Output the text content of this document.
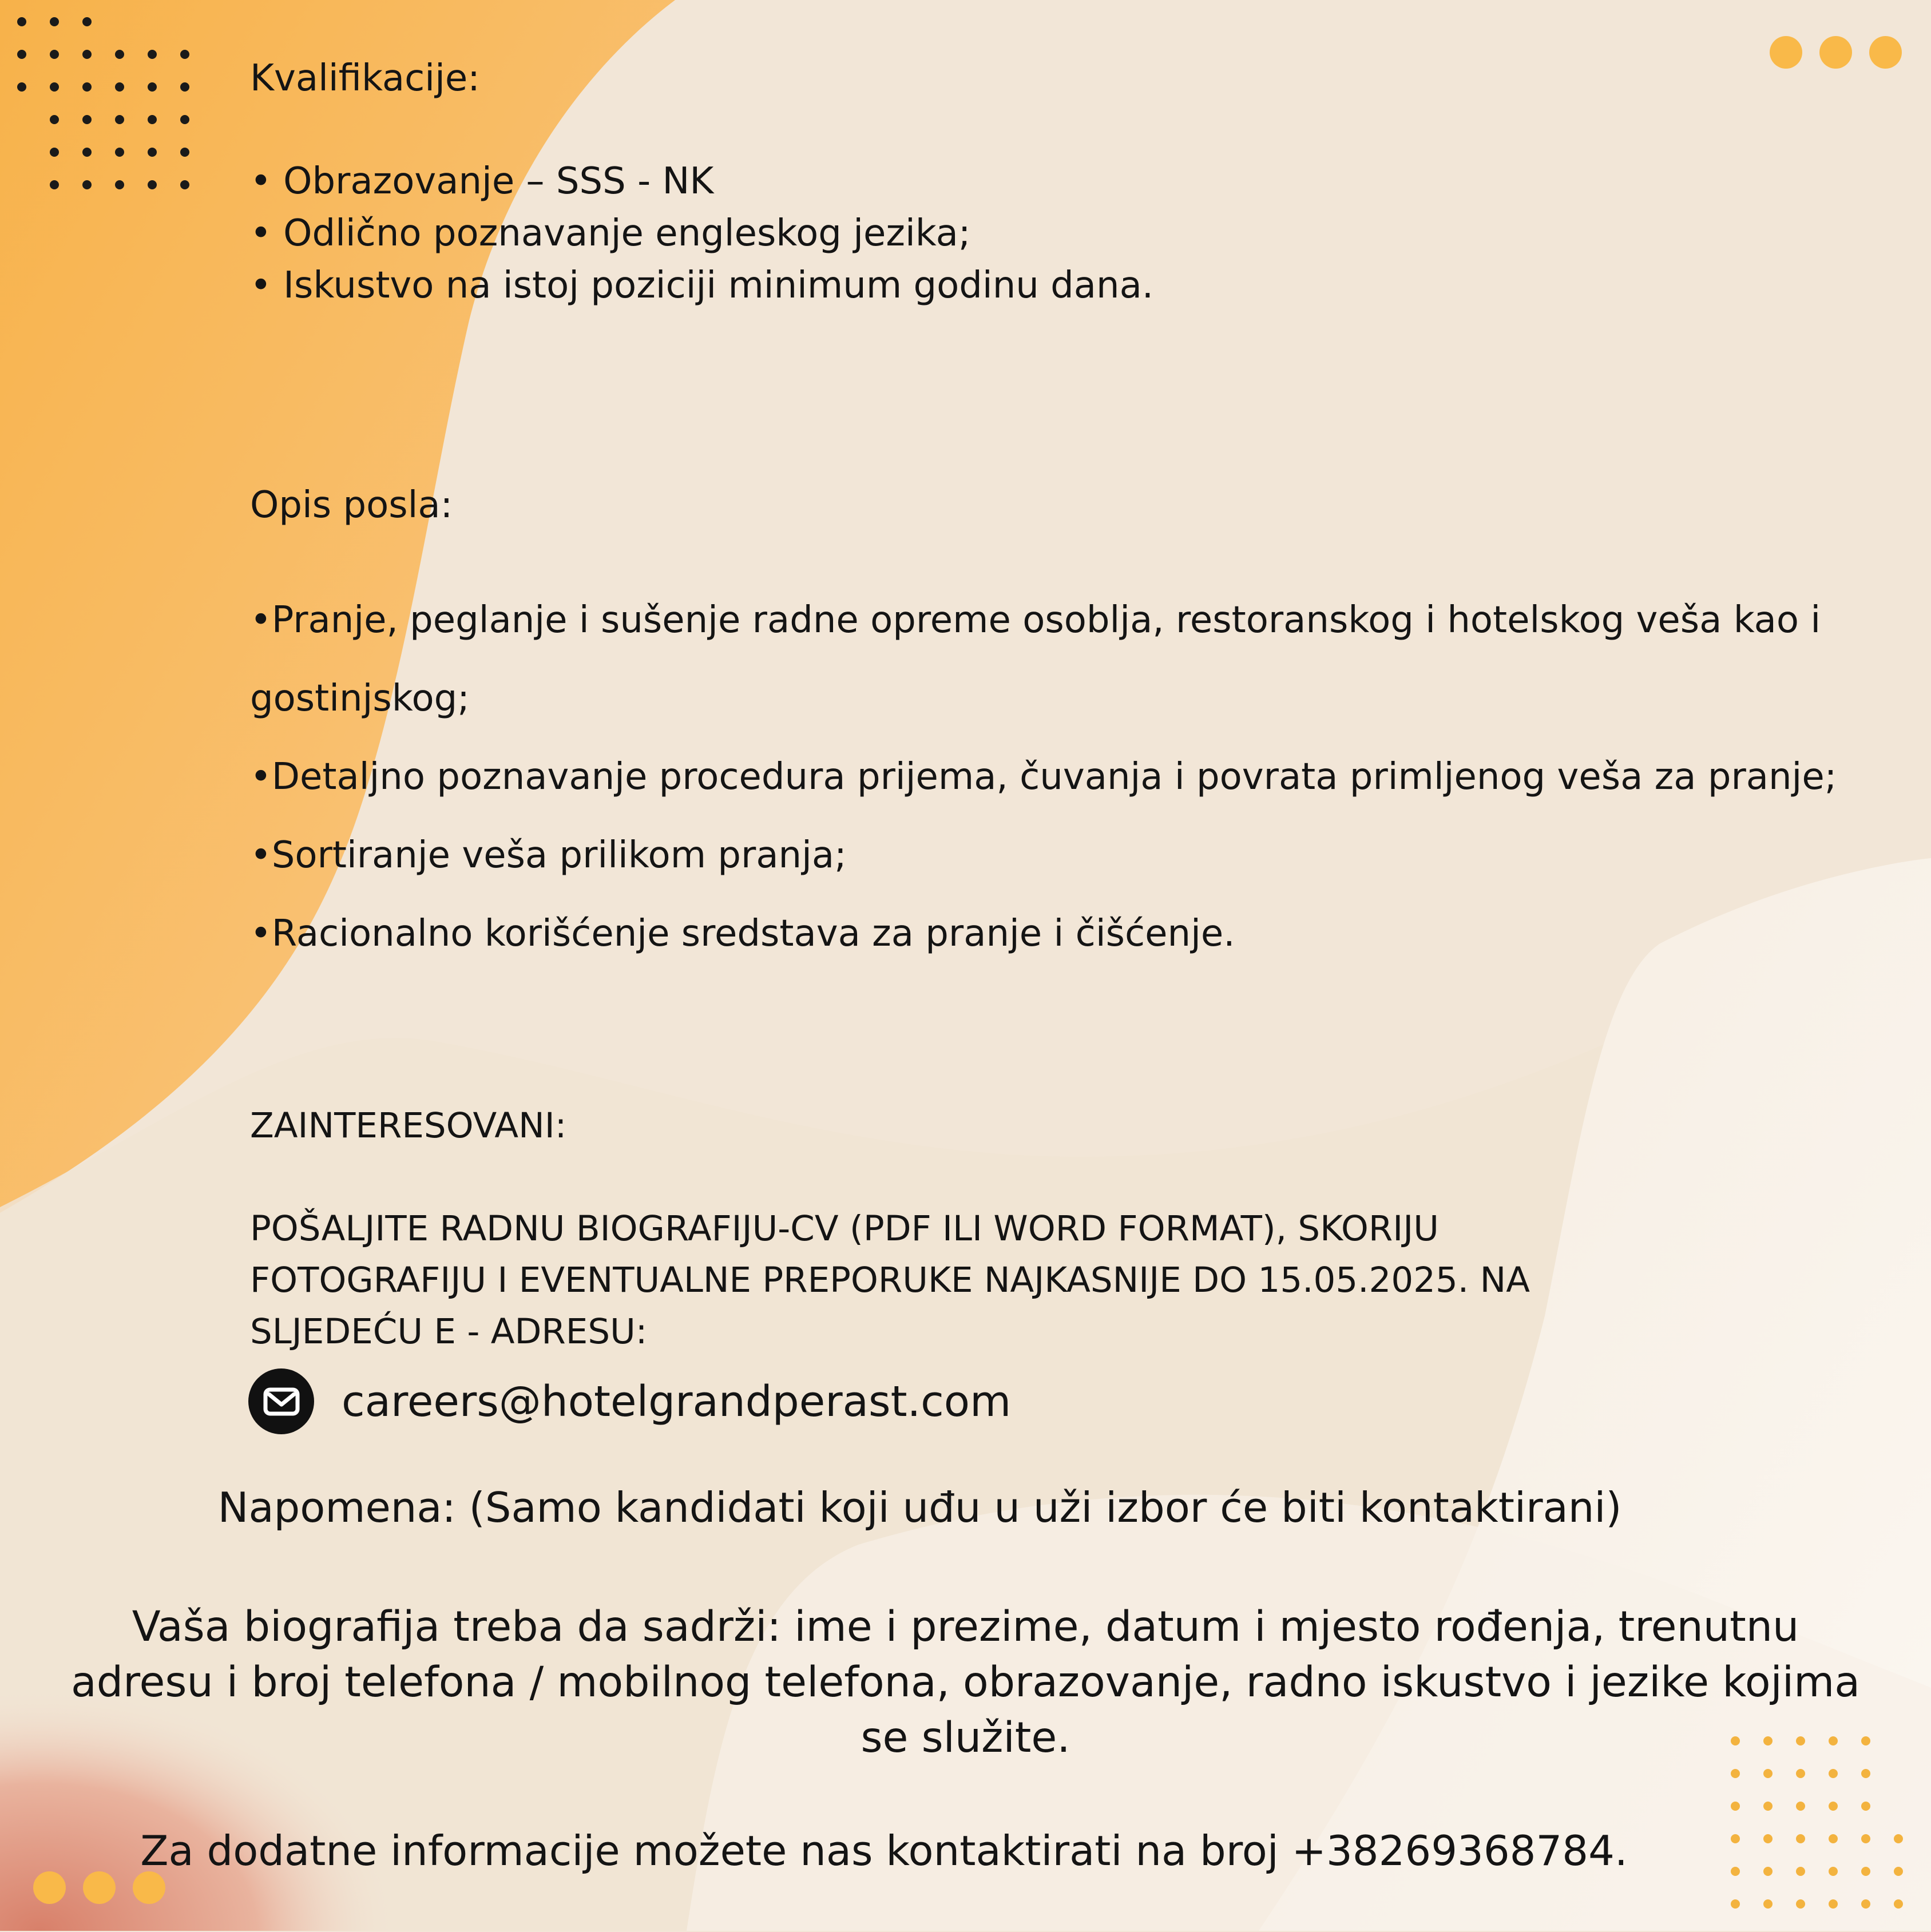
Kvalifikacije:

• Obrazovanje – SSS - NK
• Odlično poznavanje engleskog jezika;
• Iskustvo na istoj poziciji minimum godinu dana.

Opis posla:

•Pranje, peglanje i sušenje radne opreme osoblja, restoranskog i hotelskog veša kao i
gostinjskog;
•Detaljno poznavanje procedura prijema, čuvanja i povrata primljenog veša za pranje;
•Sortiranje veša prilikom pranja;
•Racionalno korišćenje sredstava za pranje i čišćenje.

ZAINTERESOVANI:

POŠALJITE RADNU BIOGRAFIJU-CV (PDF ILI WORD FORMAT), SKORIJU
FOTOGRAFIJU I EVENTUALNE PREPORUKE NAJKASNIJE DO 15.05.2025. NA
SLJEDEĆU E - ADRESU:
careers@hotelgrandperast.com
Napomena: (Samo kandidati koji uđu u uži izbor će biti kontaktirani)
Vaša biografija treba da sadrži: ime i prezime, datum i mjesto rođenja, trenutnu
adresu i broj telefona / mobilnog telefona, obrazovanje, radno iskustvo i jezike kojima
se služite.
Za dodatne informacije možete nas kontaktirati na broj +38269368784.
